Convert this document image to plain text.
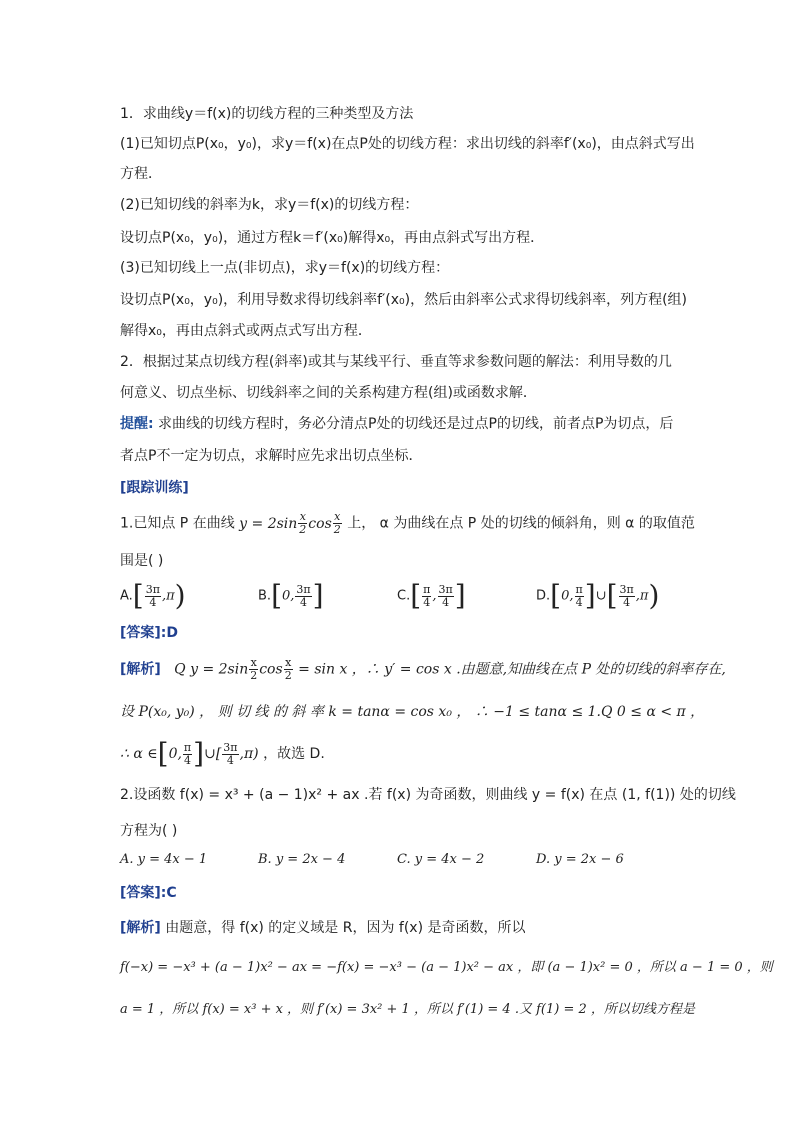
1．求曲线y＝f(x)的切线方程的三种类型及方法
(1)已知切点P(x₀，y₀)，求y＝f(x)在点P处的切线方程：求出切线的斜率f′(x₀)，由点斜式写出
方程．
(2)已知切线的斜率为k，求y＝f(x)的切线方程：
设切点P(x₀，y₀)，通过方程k＝f′(x₀)解得x₀，再由点斜式写出方程．
(3)已知切线上一点(非切点)，求y＝f(x)的切线方程：
设切点P(x₀，y₀)，利用导数求得切线斜率f′(x₀)，然后由斜率公式求得切线斜率，列方程(组)
解得x₀，再由点斜式或两点式写出方程．
2．根据过某点切线方程(斜率)或其与某线平行、垂直等求参数问题的解法：利用导数的几
何意义、切点坐标、切线斜率之间的关系构建方程(组)或函数求解．
提醒: 求曲线的切线方程时，务必分清点P处的切线还是过点P的切线，前者点P为切点，后
者点P不一定为切点，求解时应先求出切点坐标．
[跟踪训练]
1.已知点 P 在曲线 $y = 2\sin \frac{x}{2}$ $\cos \frac{x}{2}$ 上， α 为曲线在点 P 处的切线的倾斜角，则 α 的取值范
围是( )
$A.[ \frac{3\pi}{4} ,\pi)$	B.[0, $\frac{3\pi}{4}$ ]	$C.[ \frac{\pi}{4}$ , $\frac{3\pi}{4}$ ]	D.[0, $\frac{\pi}{4}$ ]∪[ $\frac{3\pi}{4} ,\pi$)
[答案]:D
[解析] Q $y = 2\sin \frac{x}{2}$ $\cos \frac{x}{2} = \sin x$ ，∴ y′ = cos x .由题意,知曲线在点 P 处的切线的斜率存在,
设 P(x₀, y₀) ， 则 切 线 的 斜 率 k = tanα = cos x₀ ， ∴ −1 ≤ tanα ≤ 1.Q 0 ≤ α < π ，
∴ α ∈[0, $\frac{\pi}{4}$ ]∪[ $\frac{3\pi}{4} ,\pi$) ，故选 D.
2.设函数 f(x) = x³ + (a − 1)x² + ax .若 f(x) 为奇函数，则曲线 y = f(x) 在点 (1, f(1)) 处的切线
方程为( )
A. y = 4x − 1	B. y = 2x − 4	C. y = 4x − 2	D. y = 2x − 6
[答案]:C
[解析] 由题意，得 f(x) 的定义域是 R，因为 f(x) 是奇函数，所以
f(−x) = −x³ + (a − 1)x² − ax = −f(x) = −x³ − (a − 1)x² − ax ，即 (a − 1)x² = 0 ，所以 a − 1 = 0 ，则
a = 1 ，所以 f(x) = x³ + x ，则 f′(x) = 3x² + 1 ，所以 f′(1) = 4 .又 f(1) = 2 ，所以切线方程是
